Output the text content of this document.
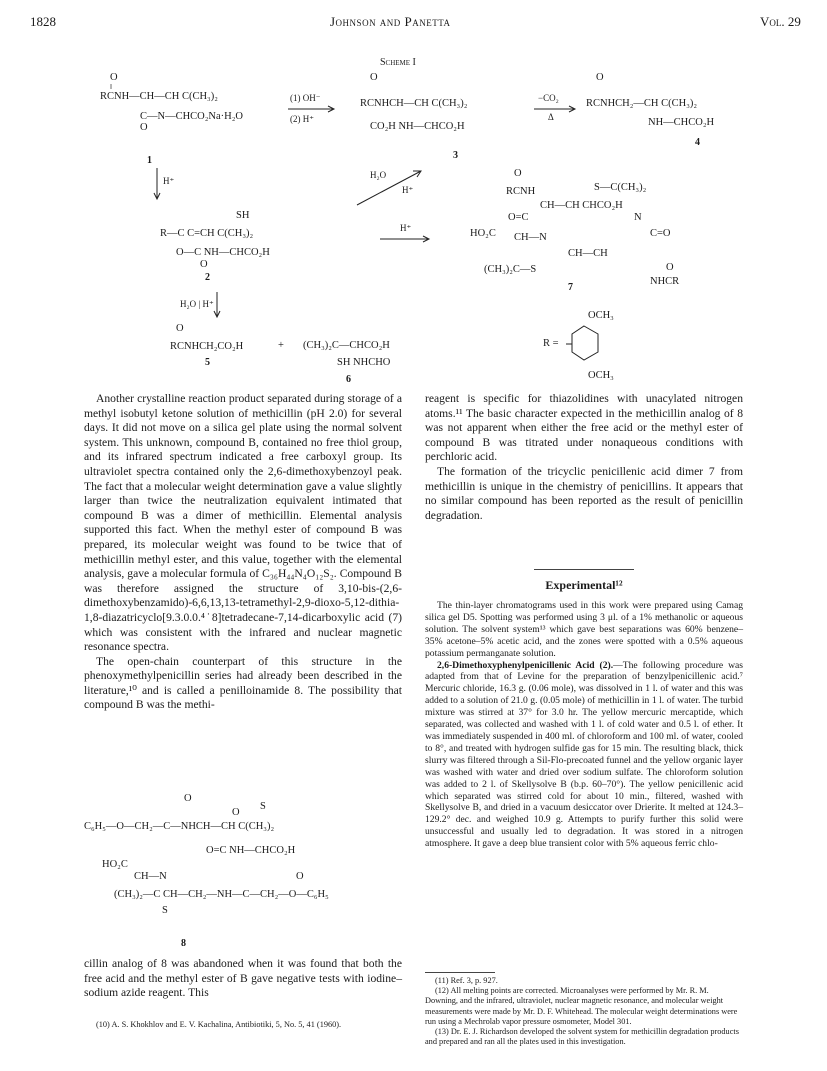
1828	Johnson and Panetta	Vol. 29
Scheme I
O
‖
RCNH—CH—CH C(CH₃)₂
C—N—CHCO₂Na·H₂O
O
1
(1) OH⁻
(2) H⁺
O
RCNHCH—CH C(CH₃)₂
CO₂H NH—CHCO₂H
3
−CO₂
Δ
O
RCNHCH₂—CH C(CH₃)₂
NH—CHCO₂H
4
H⁺
H₂O
H⁺
SH
R—C C=CH C(CH₃)₂
O—C NH—CHCO₂H
O
2
H⁺
O
RCNH	S—C(CH₃)₂
CH—CH CHCO₂H
O=C	N
C=O
HO₂C CH—N
CH—CH
(CH₃)₂C—S	O
NHCR
7
H₂O | H⁺
O
RCNHCH₂CO₂H	+
5
(CH₃)₂C—CHCO₂H
SH NHCHO
6
OCH₃
R =
OCH₃

Another crystalline reaction product separated during storage of a methyl isobutyl ketone solution of methicillin (pH 2.0) for several days. It did not move on a silica gel plate using the normal solvent system. This unknown, compound B, contained no free thiol group, and its infrared spectrum indicated a free carboxyl group. Its ultraviolet spectra contained only the 2,6-dimethoxybenzoyl peak. The fact that a molecular weight determination gave a value slightly larger than twice the neutralization equivalent intimated that compound B was a dimer of methicillin. Elemental analysis supported this fact. When the methyl ester of compound B was prepared, its molecular weight was found to be twice that of methicillin methyl ester, and this value, together with the elemental analysis, gave a molecular formula of C₃₆H₄₄N₄O₁₂S₂. Compound B was therefore assigned the structure of 3,10-bis-(2,6-dimethoxybenzamido)-6,6,13,13-tetramethyl-2,9-dioxo-5,12-dithia-1,8-diazatricyclo[9.3.0.0.⁴˙8]tetradecane-7,14-dicarboxylic acid (7) which was consistent with the infrared and nuclear magnetic resonance spectra.

The open-chain counterpart of this structure in the phenoxymethylpenicillin series had already been described in the literature,¹⁰ and is called a penilloinamide 8. The possibility that compound B was the methi-

O
O
S
C₆H₅—O—CH₂—C—NHCH—CH C(CH₃)₂
O=C NH—CHCO₂H
HO₂C
CH—N	O
(CH₃)₂—C CH—CH₂—NH—C—CH₂—O—C₆H₅
S
8

cillin analog of 8 was abandoned when it was found that both the free acid and the methyl ester of B gave negative tests with iodine–sodium azide reagent. This

(10) A. S. Khokhlov and E. V. Kachalina, Antibiotiki, 5, No. 5, 41 (1960).

reagent is specific for thiazolidines with unacylated nitrogen atoms.¹¹ The basic character expected in the methicillin analog of 8 was not apparent when either the free acid or the methyl ester of compound B was titrated under nonaqueous conditions with perchloric acid.

The formation of the tricyclic penicillenic acid dimer 7 from methicillin is unique in the chemistry of penicillins. It appears that no similar compound has been reported as the result of penicillin degradation.

Experimental¹²

The thin-layer chromatograms used in this work were prepared using Camag silica gel D5. Spotting was performed using 3 μl. of a 1% methanolic or aqueous solution. The solvent system¹³ which gave best separations was 60% benzene–35% acetone–5% acetic acid, and the zones were spotted with a 0.5% aqueous potassium permanganate solution.

2,6-Dimethoxyphenylpenicillenic Acid (2).—The following procedure was adapted from that of Levine for the preparation of benzylpenicillenic acid.⁷ Mercuric chloride, 16.3 g. (0.06 mole), was dissolved in 1 l. of water and this was added to a solution of 21.0 g. (0.05 mole) of methicillin in 1 l. of water. The turbid mixture was stirred at 37° for 3.0 hr. The yellow mercuric mercaptide, which separated, was collected and washed with 1 l. of cold water and 0.5 l. of ether. It was immediately suspended in 400 ml. of chloroform and 100 ml. of water, cooled to 8°, and treated with hydrogen sulfide gas for 15 min. The resulting black, thick slurry was filtered through a Sil-Flo-precoated funnel and the yellow organic layer was washed with water and dried over sodium sulfate. The chloroform solution was added to 2 l. of Skellysolve B (b.p. 60–70°). The yellow penicillenic acid which separated was stirred cold for about 10 min., filtered, washed with Skellysolve B, and dried in a vacuum desiccator over Drierite. It melted at 124.3–129.2° dec. and weighed 10.9 g. Attempts to purify further this solid were unsuccessful and usually led to degradation. It was stored in a nitrogen atmosphere. It gave a deep blue transient color with 5% aqueous ferric chlo-

(11) Ref. 3, p. 927.

(12) All melting points are corrected. Microanalyses were performed by Mr. R. M. Downing, and the infrared, ultraviolet, nuclear magnetic resonance, and molecular weight measurements were made by Mr. D. F. Whitehead. The molecular weight determinations were run using a Mechrolab vapor pressure osmometer, Model 301.

(13) Dr. E. J. Richardson developed the solvent system for methicillin degradation products and prepared and ran all the plates used in this investigation.
